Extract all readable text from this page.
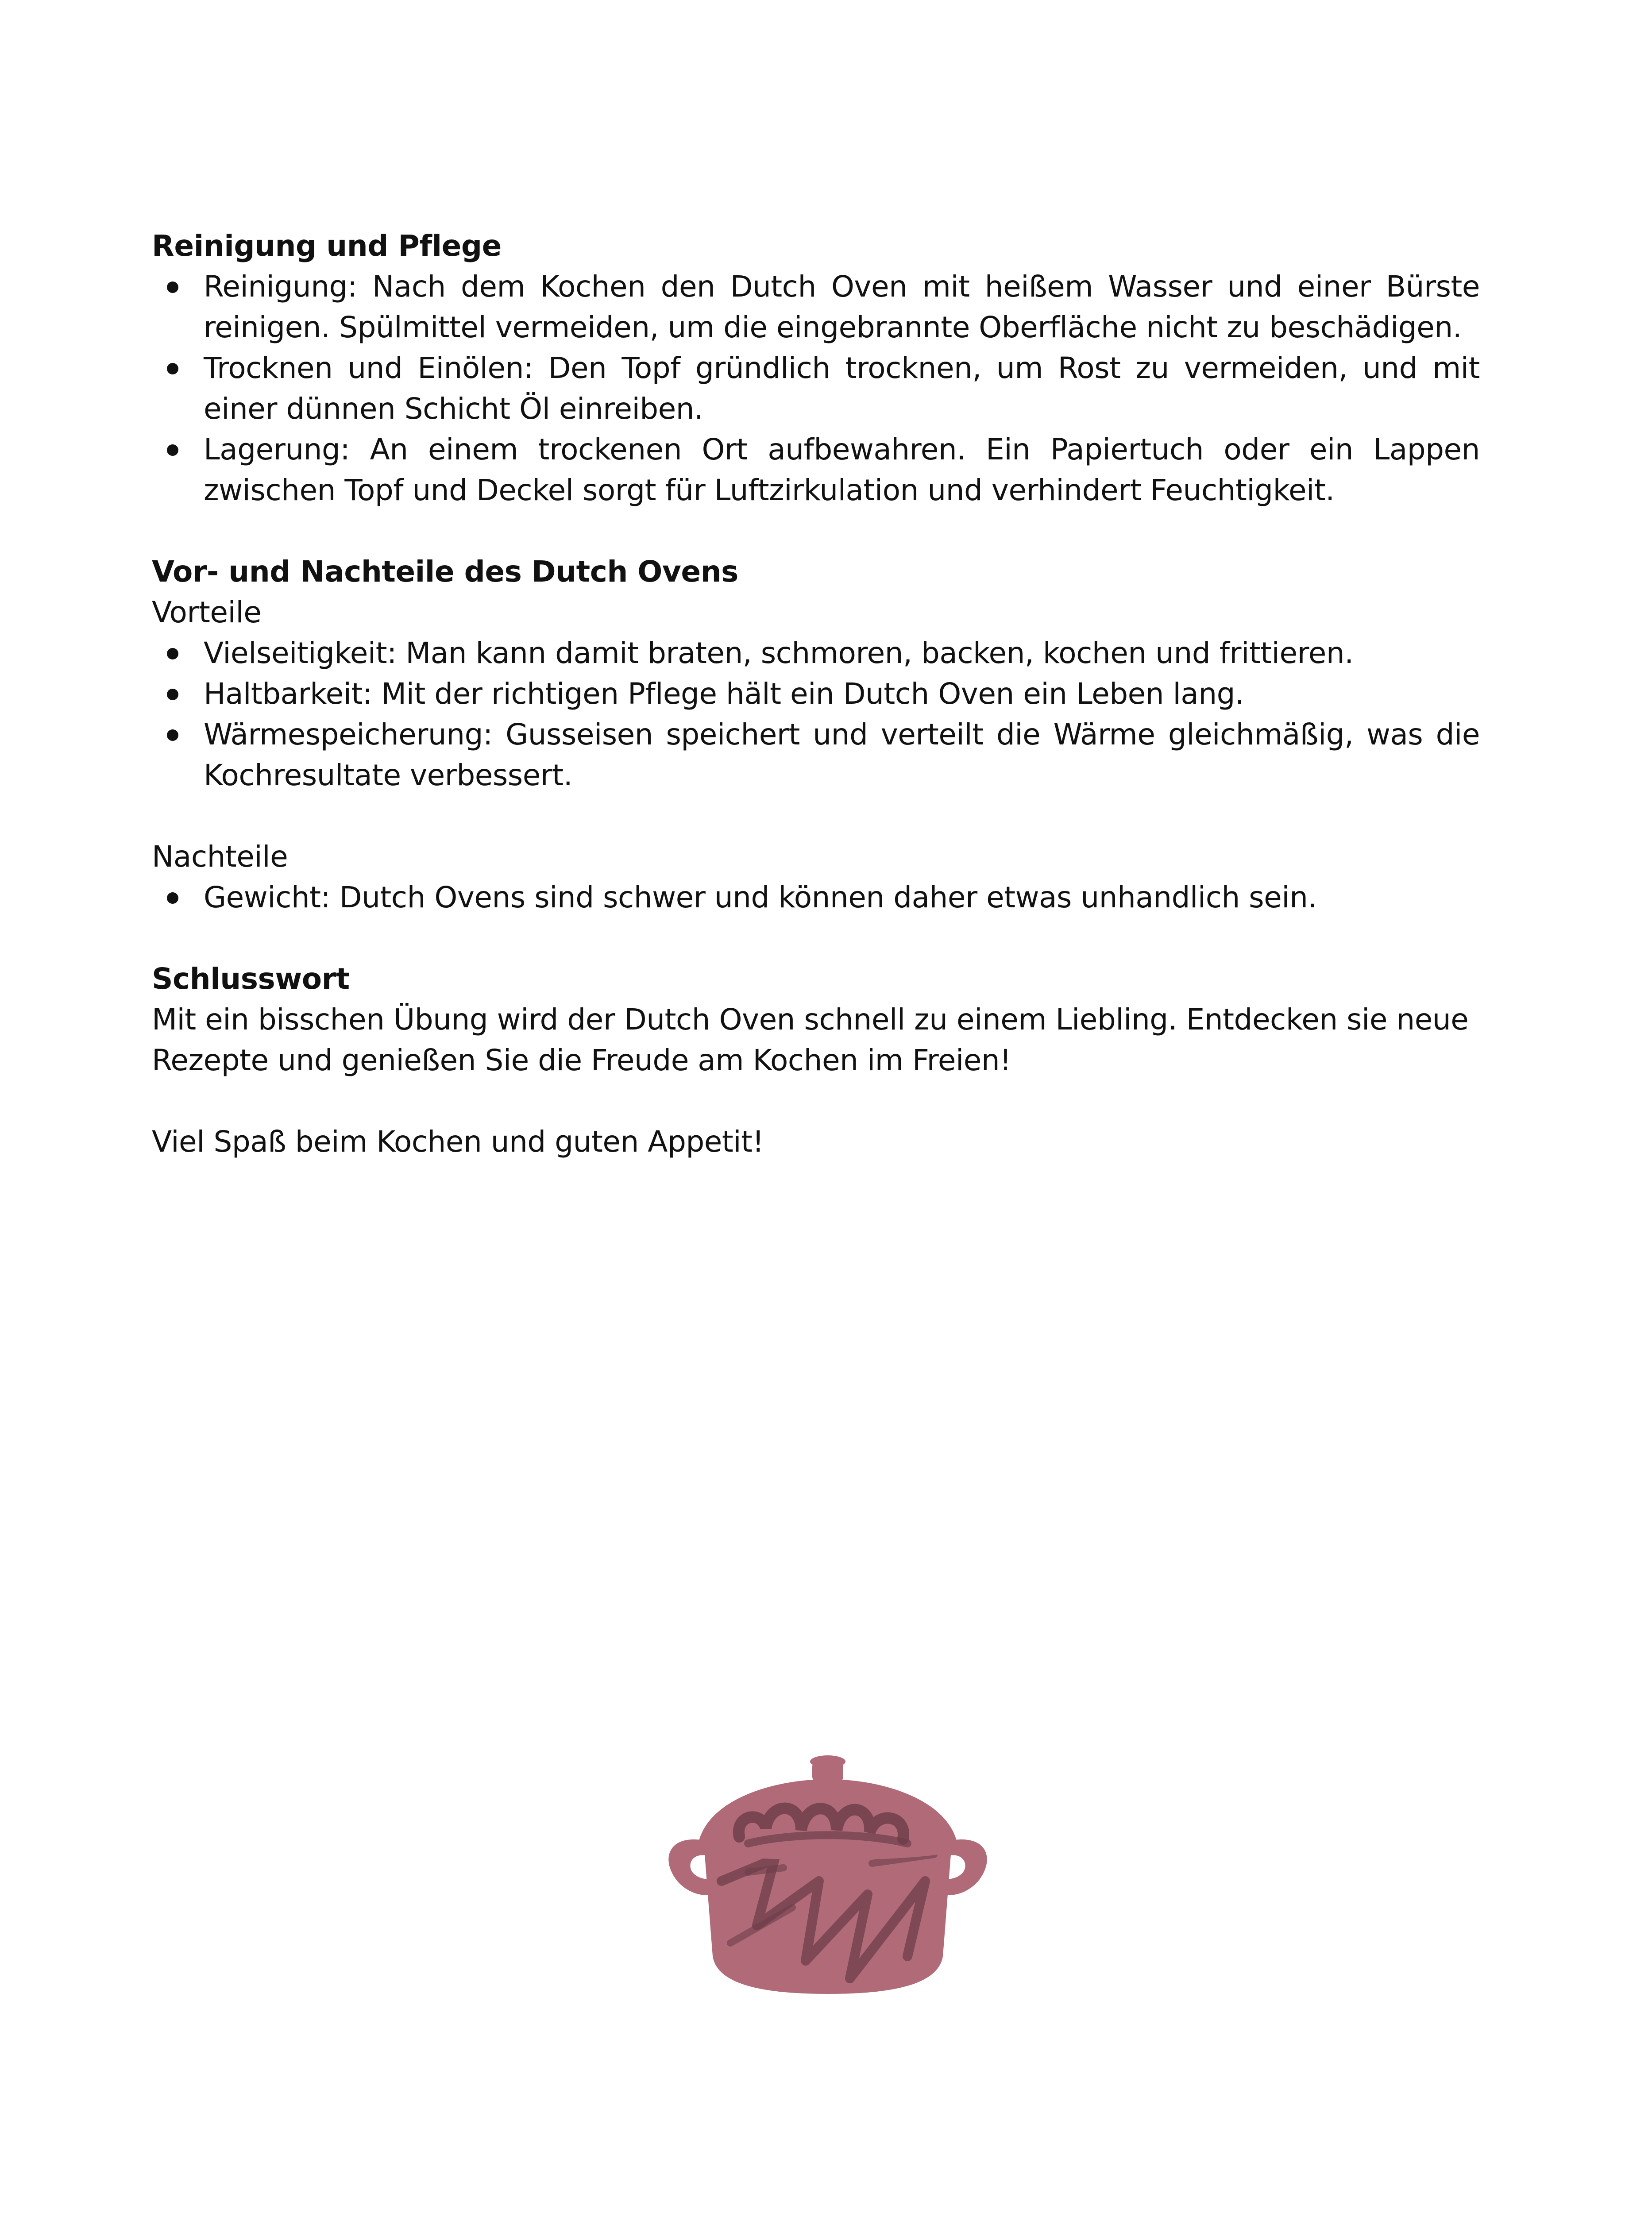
Reinigung und Pflege

Reinigung: Nach dem Kochen den Dutch Oven mit heißem Wasser und einer Bürste reinigen. Spülmittel vermeiden, um die eingebrannte Oberfläche nicht zu beschädigen.
Trocknen und Einölen: Den Topf gründlich trocknen, um Rost zu vermeiden, und mit einer dünnen Schicht Öl einreiben.
Lagerung: An einem trockenen Ort aufbewahren. Ein Papiertuch oder ein Lappen zwischen Topf und Deckel sorgt für Luftzirkulation und verhindert Feuchtigkeit.

Vor- und Nachteile des Dutch Ovens

Vorteile

Vielseitigkeit: Man kann damit braten, schmoren, backen, kochen und frittieren.
Haltbarkeit: Mit der richtigen Pflege hält ein Dutch Oven ein Leben lang.
Wärmespeicherung: Gusseisen speichert und verteilt die Wärme gleichmäßig, was die Kochresultate verbessert.

Nachteile

Gewicht: Dutch Ovens sind schwer und können daher etwas unhandlich sein.

Schlusswort

Mit ein bisschen Übung wird der Dutch Oven schnell zu einem Liebling. Entdecken sie neue Rezepte und genießen Sie die Freude am Kochen im Freien!

Viel Spaß beim Kochen und guten Appetit!
